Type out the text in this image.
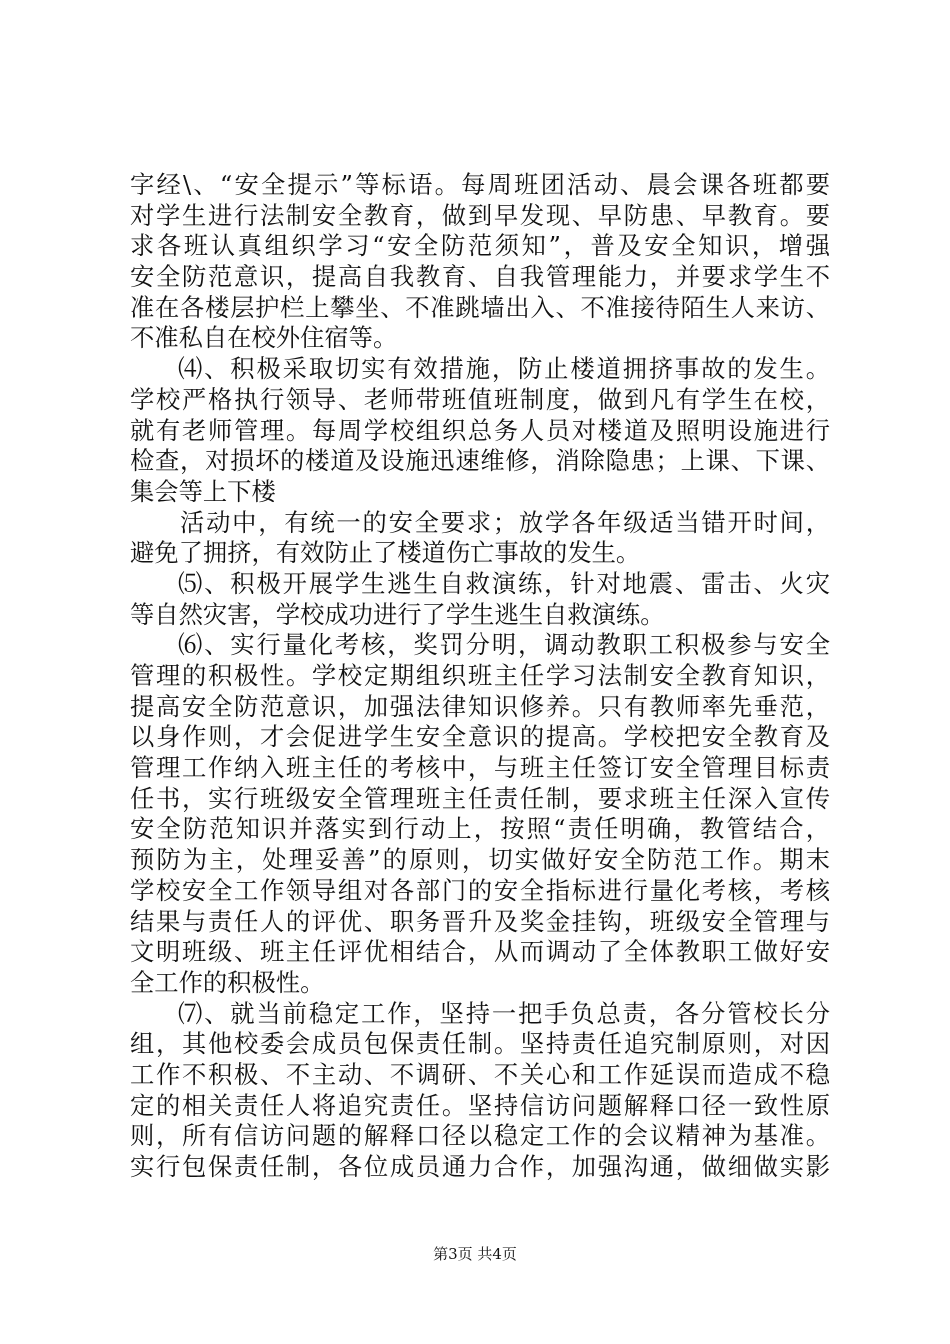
字经\、“安全提示”等标语。每周班团活动、晨会课各班都要
对学生进行法制安全教育，做到早发现、早防患、早教育。要
求各班认真组织学习“安全防范须知”，普及安全知识，增强
安全防范意识，提高自我教育、自我管理能力，并要求学生不
准在各楼层护栏上攀坐、不准跳墙出入、不准接待陌生人来访、
不准私自在校外住宿等。
⑷、积极采取切实有效措施，防止楼道拥挤事故的发生。
学校严格执行领导、老师带班值班制度，做到凡有学生在校，
就有老师管理。每周学校组织总务人员对楼道及照明设施进行
检查，对损坏的楼道及设施迅速维修，消除隐患；上课、下课、
集会等上下楼
活动中，有统一的安全要求；放学各年级适当错开时间，
避免了拥挤，有效防止了楼道伤亡事故的发生。
⑸、积极开展学生逃生自救演练，针对地震、雷击、火灾
等自然灾害，学校成功进行了学生逃生自救演练。
⑹、实行量化考核，奖罚分明，调动教职工积极参与安全
管理的积极性。学校定期组织班主任学习法制安全教育知识，
提高安全防范意识，加强法律知识修养。只有教师率先垂范，
以身作则，才会促进学生安全意识的提高。学校把安全教育及
管理工作纳入班主任的考核中，与班主任签订安全管理目标责
任书，实行班级安全管理班主任责任制，要求班主任深入宣传
安全防范知识并落实到行动上，按照“责任明确，教管结合，
预防为主，处理妥善”的原则，切实做好安全防范工作。期末
学校安全工作领导组对各部门的安全指标进行量化考核，考核
结果与责任人的评优、职务晋升及奖金挂钩，班级安全管理与
文明班级、班主任评优相结合，从而调动了全体教职工做好安
全工作的积极性。
⑺、就当前稳定工作，坚持一把手负总责，各分管校长分
组，其他校委会成员包保责任制。坚持责任追究制原则，对因
工作不积极、不主动、不调研、不关心和工作延误而造成不稳
定的相关责任人将追究责任。坚持信访问题解释口径一致性原
则，所有信访问题的解释口径以稳定工作的会议精神为基准。
实行包保责任制，各位成员通力合作，加强沟通，做细做实影
第3页 共4页
